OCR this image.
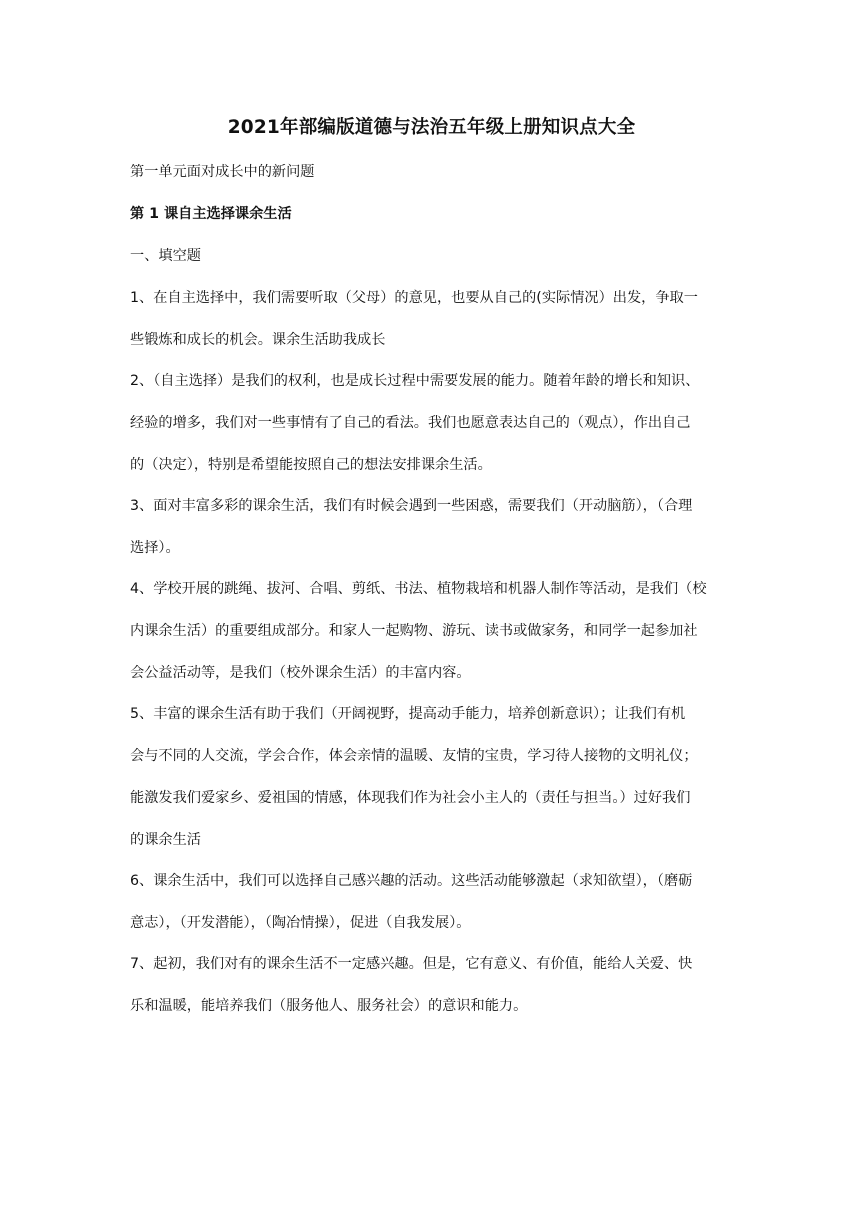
2021年部编版道德与法治五年级上册知识点大全

第一单元面对成长中的新问题

第 1 课自主选择课余生活

一、填空题

1、在自主选择中，我们需要听取（父母）的意见，也要从自己的(实际情况）出发，争取一

些锻炼和成长的机会。课余生活助我成长

2、（自主选择）是我们的权利，也是成长过程中需要发展的能力。随着年龄的增长和知识、

经验的增多，我们对一些事情有了自己的看法。我们也愿意表达自己的（观点），作出自己

的（决定），特别是希望能按照自己的想法安排课余生活。

3、面对丰富多彩的课余生活，我们有时候会遇到一些困惑，需要我们（开动脑筋），（合理

选择）。

4、学校开展的跳绳、拔河、合唱、剪纸、书法、植物栽培和机器人制作等活动，是我们（校

内课余生活）的重要组成部分。和家人一起购物、游玩、读书或做家务，和同学一起参加社

会公益活动等，是我们（校外课余生活）的丰富内容。

5、丰富的课余生活有助于我们（开阔视野，提高动手能力，培养创新意识）；让我们有机

会与不同的人交流，学会合作，体会亲情的温暖、友情的宝贵，学习待人接物的文明礼仪；

能激发我们爱家乡、爱祖国的情感，体现我们作为社会小主人的（责任与担当。）过好我们

的课余生活

6、课余生活中，我们可以选择自己感兴趣的活动。这些活动能够激起（求知欲望），（磨砺

意志），（开发潜能），（陶冶情操），促进（自我发展）。

7、起初，我们对有的课余生活不一定感兴趣。但是，它有意义、有价值，能给人关爱、快

乐和温暖，能培养我们（服务他人、服务社会）的意识和能力。
